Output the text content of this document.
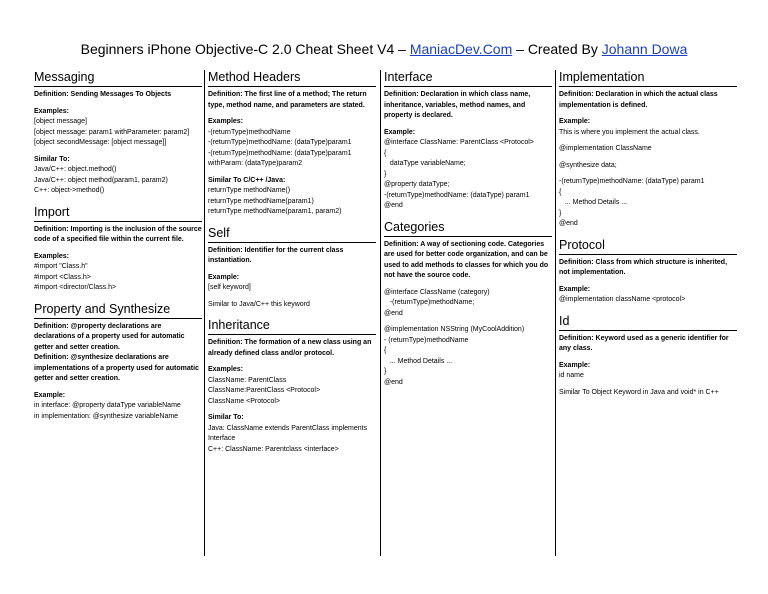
Beginners iPhone Objective-C 2.0 Cheat Sheet V4 – ManiacDev.Com – Created By Johann Dowa
Messaging

Definition: Sending Messages To Objects

Examples:

[object message]

[object message: param1 withParameter: param2]

[object secondMessage: [object message]]

Similar To:

Java/C++: object.method()

Java/C++: object method(param1, param2)

C++: object->method()

Import

Definition: Importing is the inclusion of the source code of a specified file within the current file.

Examples:

#import "Class.h"

#import <Class.h>

#import <director/Class.h>

Property and Synthesize

Definition: @property declarations are declarations of a property used for automatic getter and setter creation.

Definition: @synthesize declarations are implementations of a property used for automatic getter and setter creation.

Example:

in interface: @property dataType variableName

in implementation: @synthesize variableName

Method Headers

Definition: The first line of a method; The return type, method name, and parameters are stated.

Examples:

-(returnType)methodName

-(returnType)methodName: (dataType)param1

-(returnType)methodName: (dataType)param1 withParam: (dataType)param2

Similar To C/C++ /Java:

returnType methodName()

returnType methodName(param1)

returnType methodName(param1, param2)

Self

Definition: Identifier for the current class instantiation.

Example:

[self keyword]

Similar to Java/C++ this keyword

Inheritance

Definition: The formation of a new class using an already defined class and/or protocol.

Examples:

ClassName: ParentClass

ClassName:ParentClass <Protocol>

ClassName <Protocol>

Similar To:

Java: ClassName extends ParentClass implements Interface

C++: ClassName: Parentclass <interface>

Interface

Definition: Declaration in which class name, inheritance, variables, method names, and property is declared.

Example:

@interface ClassName: ParentClass <Protocol>

{

dataType variableName;

}

@property dataType;

-(returnType)methodName: (dataType) param1

@end

Categories

Definition: A way of sectioning code. Categories are used for better code organization, and can be used to add methods to classes for which you do not have the source code.

@interface ClassName (category)

-(returnType)methodName;

@end

@implementation NSString (MyCoolAddition)

- (returnType)methodName

{

... Method Details ...

}

@end

Implementation

Definition: Declaration in which the actual class implementation is defined.

Example:

This is where you implement the actual class.

@implementation ClassName

@synthesize data;

-(returnType)methodName: (dataType) param1

{

... Method Details ...

}

@end

Protocol

Definition: Class from which structure is inherited, not implementation.

Example:

@implementation className <protocol>

Id

Definition: Keyword used as a generic identifier for any class.

Example:

id name

Similar To Object Keyword in Java and void* in C++
